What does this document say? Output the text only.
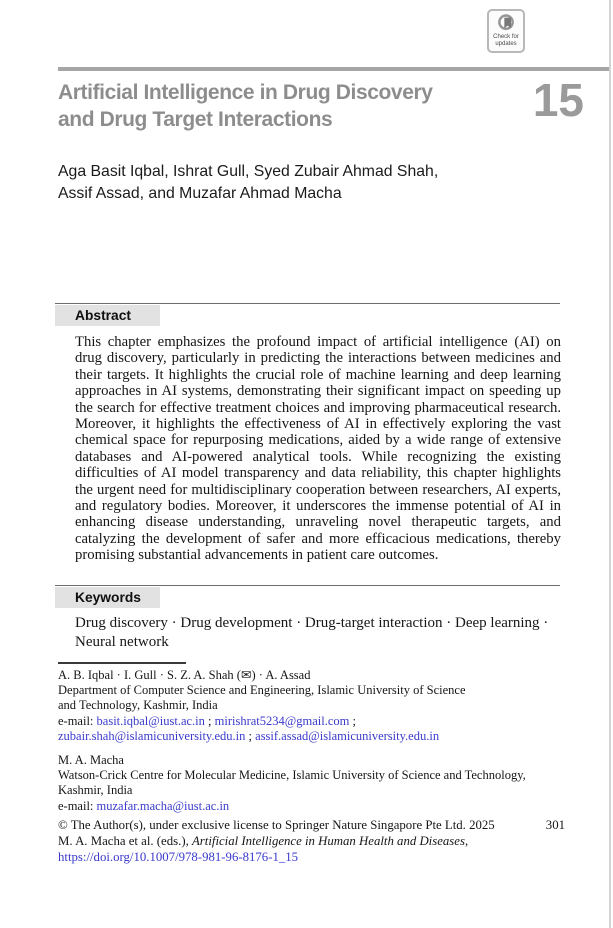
Check for
updates
Artificial Intelligence in Drug Discovery
and Drug Target Interactions	15
Aga Basit Iqbal, Ishrat Gull, Syed Zubair Ahmad Shah,
Assif Assad, and Muzafar Ahmad Macha
Abstract
This chapter emphasizes the profound impact of artificial intelligence (AI) on drug discovery, particularly in predicting the interactions between medicines and their targets. It highlights the crucial role of machine learning and deep learning approaches in AI systems, demonstrating their significant impact on speeding up the search for effective treatment choices and improving pharmaceutical research. Moreover, it highlights the effectiveness of AI in effectively exploring the vast chemical space for repurposing medications, aided by a wide range of extensive databases and AI-powered analytical tools. While recognizing the existing difficulties of AI model transparency and data reliability, this chapter highlights the urgent need for multidisciplinary cooperation between researchers, AI experts, and regulatory bodies. Moreover, it underscores the immense potential of AI in enhancing disease understanding, unraveling novel therapeutic targets, and catalyzing the development of safer and more efficacious medications, thereby promising substantial advancements in patient care outcomes.
Keywords
Drug discovery · Drug development · Drug-target interaction · Deep learning ·
Neural network
A. B. Iqbal · I. Gull · S. Z. A. Shah (✉) · A. Assad
Department of Computer Science and Engineering, Islamic University of Science
and Technology, Kashmir, India
e-mail: basit.iqbal@iust.ac.in ; mirishrat5234@gmail.com ;
zubair.shah@islamicuniversity.edu.in ; assif.assad@islamicuniversity.edu.in
M. A. Macha
Watson-Crick Centre for Molecular Medicine, Islamic University of Science and Technology,
Kashmir, India
e-mail: muzafar.macha@iust.ac.in
© The Author(s), under exclusive license to Springer Nature Singapore Pte Ltd. 2025	301
M. A. Macha et al. (eds.), Artificial Intelligence in Human Health and Diseases,
https://doi.org/10.1007/978-981-96-8176-1_15
